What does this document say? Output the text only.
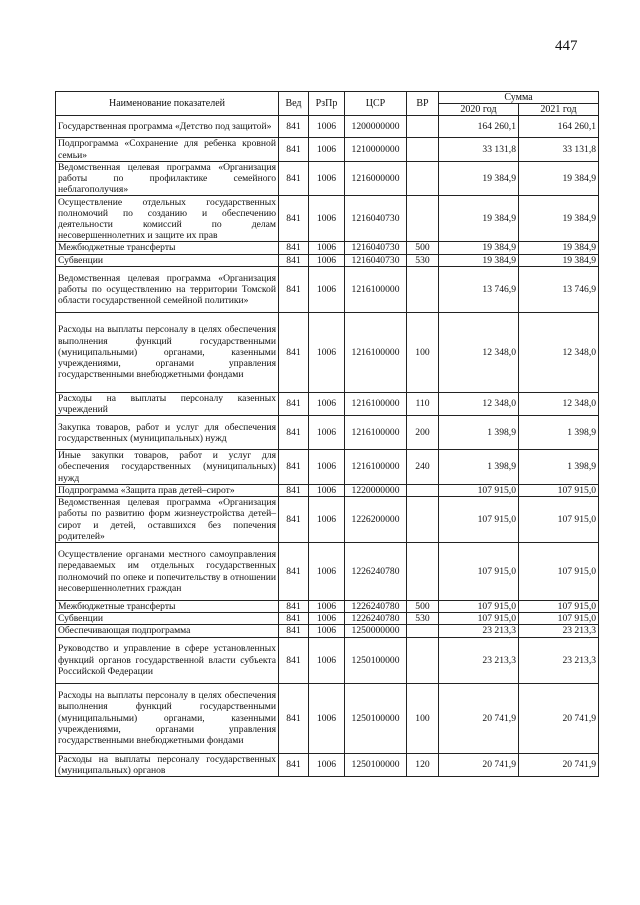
447
Наименование показателей	Вед	РзПр	ЦСР	ВР	Сумма	
					2020 год	2021 год
Государственная программа «Детство под защитой»	841	1006	1200000000		164 260,1	164 260,1
Подпрограмма «Сохранение для ребенка кровной семьи»	841	1006	1210000000		33 131,8	33 131,8
Ведомственная целевая программа «Организация работы по профилактике семейного неблагополучия»	841	1006	1216000000		19 384,9	19 384,9
Осуществление отдельных государственных полномочий по созданию и обеспечению деятельности комиссий по делам несовершеннолетних и защите их прав	841	1006	1216040730		19 384,9	19 384,9
Межбюджетные трансферты	841	1006	1216040730	500	19 384,9	19 384,9
Субвенции	841	1006	1216040730	530	19 384,9	19 384,9
Ведомственная целевая программа «Организация работы по осуществлению на территории Томской области государственной семейной политики»	841	1006	1216100000		13 746,9	13 746,9
Расходы на выплаты персоналу в целях обеспечения выполнения функций государственными (муниципальными) органами, казенными учреждениями, органами управления государственными внебюджетными фондами	841	1006	1216100000	100	12 348,0	12 348,0
Расходы на выплаты персоналу казенных учреждений	841	1006	1216100000	110	12 348,0	12 348,0
Закупка товаров, работ и услуг для обеспечения государственных (муниципальных) нужд	841	1006	1216100000	200	1 398,9	1 398,9
Иные закупки товаров, работ и услуг для обеспечения государственных (муниципальных) нужд	841	1006	1216100000	240	1 398,9	1 398,9
Подпрограмма «Защита прав детей–сирот»	841	1006	1220000000		107 915,0	107 915,0
Ведомственная целевая программа «Организация работы по развитию форм жизнеустройства детей–сирот и детей, оставшихся без попечения родителей»	841	1006	1226200000		107 915,0	107 915,0
Осуществление органами местного самоуправления передаваемых им отдельных государственных полномочий по опеке и попечительству в отношении несовершеннолетних граждан	841	1006	1226240780		107 915,0	107 915,0
Межбюджетные трансферты	841	1006	1226240780	500	107 915,0	107 915,0
Субвенции	841	1006	1226240780	530	107 915,0	107 915,0
Обеспечивающая подпрограмма	841	1006	1250000000		23 213,3	23 213,3
Руководство и управление в сфере установленных функций органов государственной власти субъекта Российской Федерации	841	1006	1250100000		23 213,3	23 213,3
Расходы на выплаты персоналу в целях обеспечения выполнения функций государственными (муниципальными) органами, казенными учреждениями, органами управления государственными внебюджетными фондами	841	1006	1250100000	100	20 741,9	20 741,9
Расходы на выплаты персоналу государственных (муниципальных) органов	841	1006	1250100000	120	20 741,9	20 741,9
